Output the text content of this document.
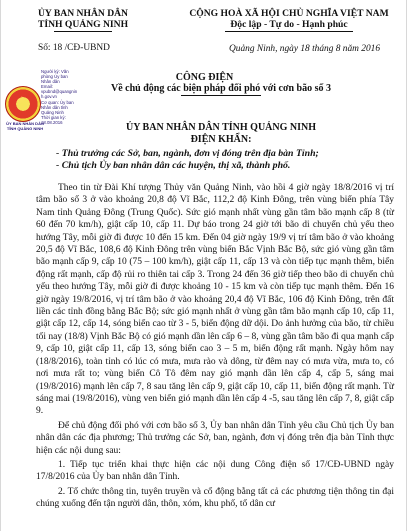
ỦY BAN NHÂN DÂN
TỈNH QUẢNG NINH
CỘNG HOÀ XÃ HỘI CHỦ NGHĨA VIỆT NAM
Độc lập - Tự do - Hạnh phúc
Số: 18 /CĐ-UBND	Quảng Ninh, ngày 18 tháng 8 năm 2016
★
ỦY BAN NHÂN DÂN TỈNH QUẢNG NINH
Người ký: Văn
phòng Ủy ban
Nhân dân
Email:
vpubnd@quangnin
h.gov.vn
Cơ quan: Ủy ban
Nhân dân tỉnh
Quảng Ninh
Thời gian ký:
18.08.2016
CÔNG ĐIỆN
Về chủ động các biện pháp đối phó với cơn bão số 3
ỦY BAN NHÂN DÂN TỈNH QUẢNG NINH
ĐIỆN KHẨN:
- Thủ trưởng các Sở, ban, ngành, đơn vị đóng trên địa bàn Tỉnh;
- Chủ tịch Ủy ban nhân dân các huyện, thị xã, thành phố.

Theo tin từ Đài Khí tượng Thủy văn Quảng Ninh, vào hồi 4 giờ ngày 18/8/2016 vị trí tâm bão số 3 ở vào khoảng 20,8 độ Vĩ Bắc, 112,2 độ Kinh Đông, trên vùng biển phía Tây Nam tỉnh Quảng Đông (Trung Quốc). Sức gió mạnh nhất vùng gần tâm bão mạnh cấp 8 (từ 60 đến 70 km/h), giật cấp 10, cấp 11. Dự báo trong 24 giờ tới bão di chuyển chủ yếu theo hướng Tây, mỗi giờ đi được 10 đến 15 km. Đến 04 giờ ngày 19/9 vị trí tâm bão ở vào khoảng 20,5 độ Vĩ Bắc, 108,6 độ Kinh Đông trên vùng biển Bắc Vịnh Bắc Bộ, sức gió vùng gần tâm bão mạnh cấp 9, cấp 10 (75 – 100 km/h), giật cấp 11, cấp 13 và còn tiếp tục mạnh thêm, biển động rất mạnh, cấp độ rủi ro thiên tai cấp 3. Trong 24 đến 36 giờ tiếp theo bão di chuyển chủ yếu theo hướng Tây, mỗi giờ đi được khoảng 10 - 15 km và còn tiếp tục mạnh thêm. Đến 16 giờ ngày 19/8/2016, vị trí tâm bão ở vào khoảng 20,4 độ Vĩ Bắc, 106 độ Kinh Đông, trên đất liền các tỉnh đồng bằng Bắc Bộ; sức gió mạnh nhất ở vùng gần tâm bão mạnh cấp 10, cấp 11, giật cấp 12, cấp 14, sóng biển cao từ 3 - 5, biển động dữ dội. Do ảnh hưởng của bão, từ chiều tối nay (18/8) Vịnh Bắc Bộ có gió mạnh dần lên cấp 6 – 8, vùng gần tâm bão đi qua mạnh cấp 9, cấp 10, giật cấp 11, cấp 13, sóng biển cao 3 – 5 m, biển động rất mạnh. Ngày hôm nay (18/8/2016), toàn tỉnh có lúc có mưa, mưa rào và dông, từ đêm nay có mưa vừa, mưa to, có nơi mưa rất to; vùng biển Cô Tô đêm nay gió mạnh dần lên cấp 4, cấp 5, sáng mai (19/8/2016) mạnh lên cấp 7, 8 sau tăng lên cấp 9, giật cấp 10, cấp 11, biển động rất mạnh. Từ sáng mai (19/8/2016), vùng ven biển gió mạnh dần lên cấp 4 -5, sau tăng lên cấp 7, 8, giật cấp 9.

Để chủ động đối phó với cơn bão số 3, Ủy ban nhân dân Tỉnh yêu cầu Chủ tịch Ủy ban nhân dân các địa phương; Thủ trưởng các Sở, ban, ngành, đơn vị đóng trên địa bàn Tỉnh thực hiện các nội dung sau:

1. Tiếp tục triển khai thực hiện các nội dung Công điện số 17/CĐ-UBND ngày 17/8/2016 của Ủy ban nhân dân Tỉnh.

2. Tổ chức thông tin, tuyên truyền và cổ động bằng tất cả các phương tiện thông tin đại chúng xuống đến tận người dân, thôn, xóm, khu phố, tổ dân cư
